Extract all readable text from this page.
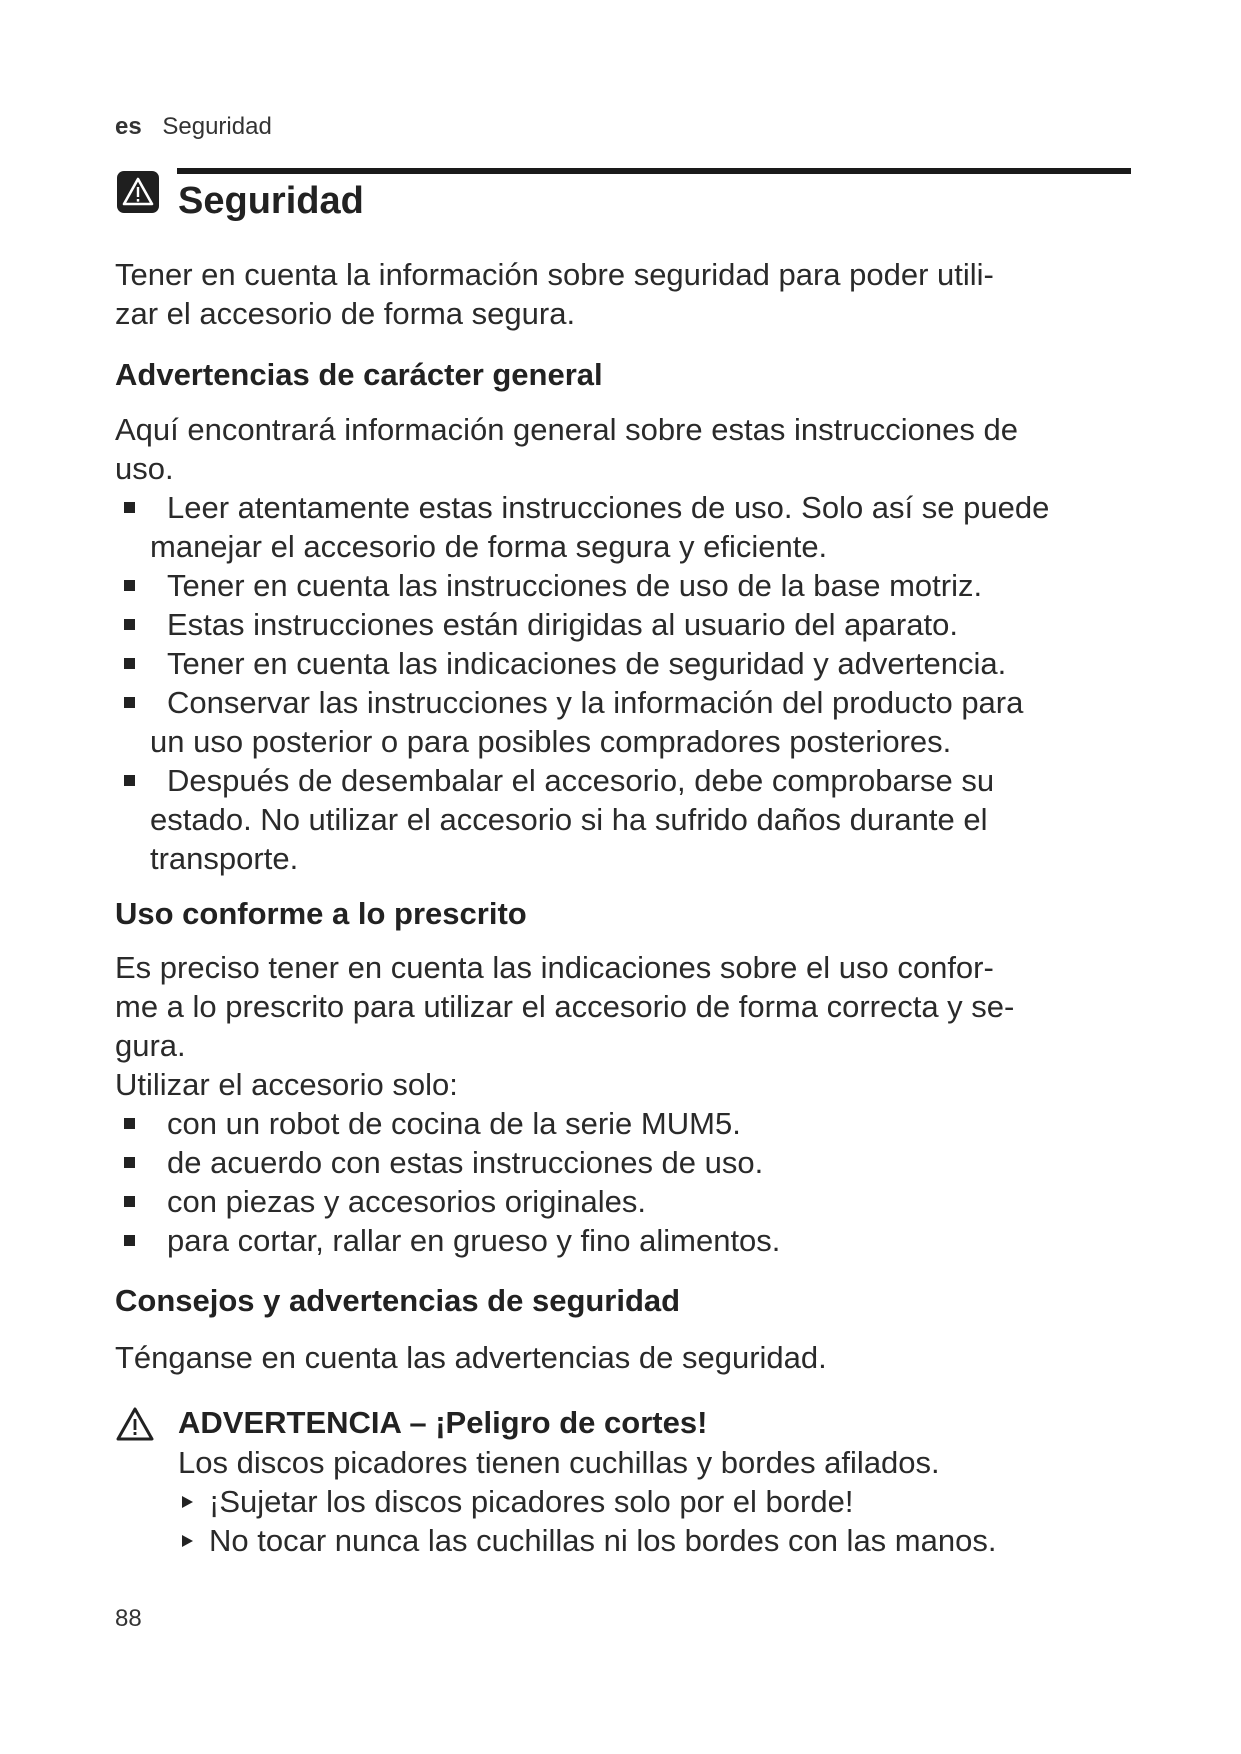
es Seguridad
Seguridad

Tener en cuenta la información sobre seguridad para poder utili-
zar el accesorio de forma segura.

Advertencias de carácter general

Aquí encontrará información general sobre estas instrucciones de
uso.

Leer atentamente estas instrucciones de uso. Solo así se puede
manejar el accesorio de forma segura y eficiente.
Tener en cuenta las instrucciones de uso de la base motriz.
Estas instrucciones están dirigidas al usuario del aparato.
Tener en cuenta las indicaciones de seguridad y advertencia.
Conservar las instrucciones y la información del producto para
un uso posterior o para posibles compradores posteriores.
Después de desembalar el accesorio, debe comprobarse su
estado. No utilizar el accesorio si ha sufrido daños durante el
transporte.
Uso conforme a lo prescrito

Es preciso tener en cuenta las indicaciones sobre el uso confor-
me a lo prescrito para utilizar el accesorio de forma correcta y se-
gura.
Utilizar el accesorio solo:

con un robot de cocina de la serie MUM5.
de acuerdo con estas instrucciones de uso.
con piezas y accesorios originales.
para cortar, rallar en grueso y fino alimentos.
Consejos y advertencias de seguridad

Ténganse en cuenta las advertencias de seguridad.

ADVERTENCIA – ¡Peligro de cortes!

Los discos picadores tienen cuchillas y bordes afilados.

¡Sujetar los discos picadores solo por el borde!
No tocar nunca las cuchillas ni los bordes con las manos.
88
